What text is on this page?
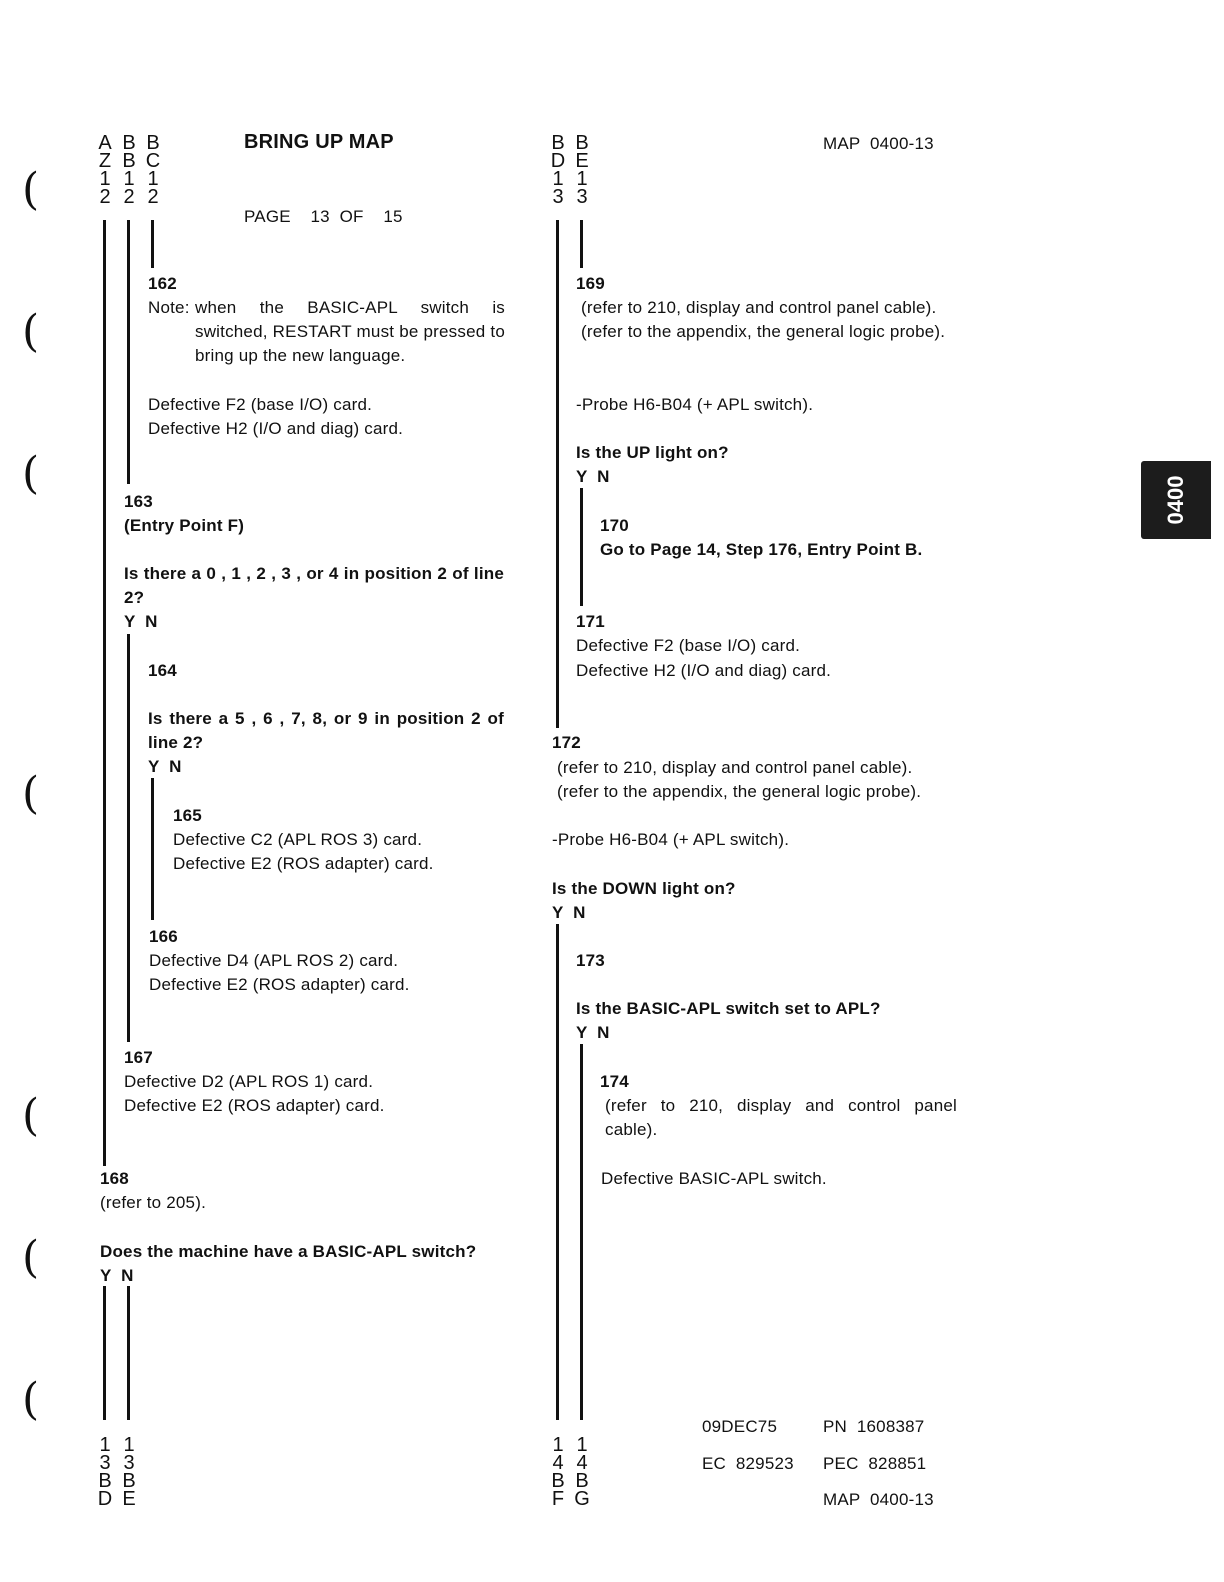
(
(
(
(
(
(
(
0400
BRING UP MAP
PAGE    13  OF    15
MAP  0400-13
A
Z
1
2
B
B
1
2
B
C
1
2
B
D
1
3
B
E
1
3
1
3
B
D
1
3
B
E
1
4
B
F
1
4
B
G
162
Note: when the BASIC-APL switch is switched, RESTART must be pressed to bring up the new language.
Defective F2 (base I/O) card.
Defective H2 (I/O and diag) card.
163
(Entry Point F)
Is there a 0 , 1 , 2 , 3 , or 4 in position 2 of line 2?
Y  N
164
Is there a 5 , 6 , 7, 8, or 9 in position 2 of line 2?
Y  N
165
Defective C2 (APL ROS 3) card.
Defective E2 (ROS adapter) card.
166
Defective D4 (APL ROS 2) card.
Defective E2 (ROS adapter) card.
167
Defective D2 (APL ROS 1) card.
Defective E2 (ROS adapter) card.
168
(refer to 205).
Does the machine have a BASIC-APL switch?
Y  N
169
(refer to 210, display and control panel cable).
(refer to the appendix, the general logic probe).
-Probe H6-B04 (+ APL switch).
Is the UP light on?
Y  N
170
Go to Page 14, Step 176, Entry Point B.
171
Defective F2 (base I/O) card.
Defective H2 (I/O and diag) card.
172
(refer to 210, display and control panel cable).
(refer to the appendix, the general logic probe).
-Probe H6-B04 (+ APL switch).
Is the DOWN light on?
Y  N
173
Is the BASIC-APL switch set to APL?
Y  N
174
(refer to 210, display and control panel cable).
Defective BASIC-APL switch.
09DEC75	PN  1608387
EC  829523 PEC  828851
MAP  0400-13
